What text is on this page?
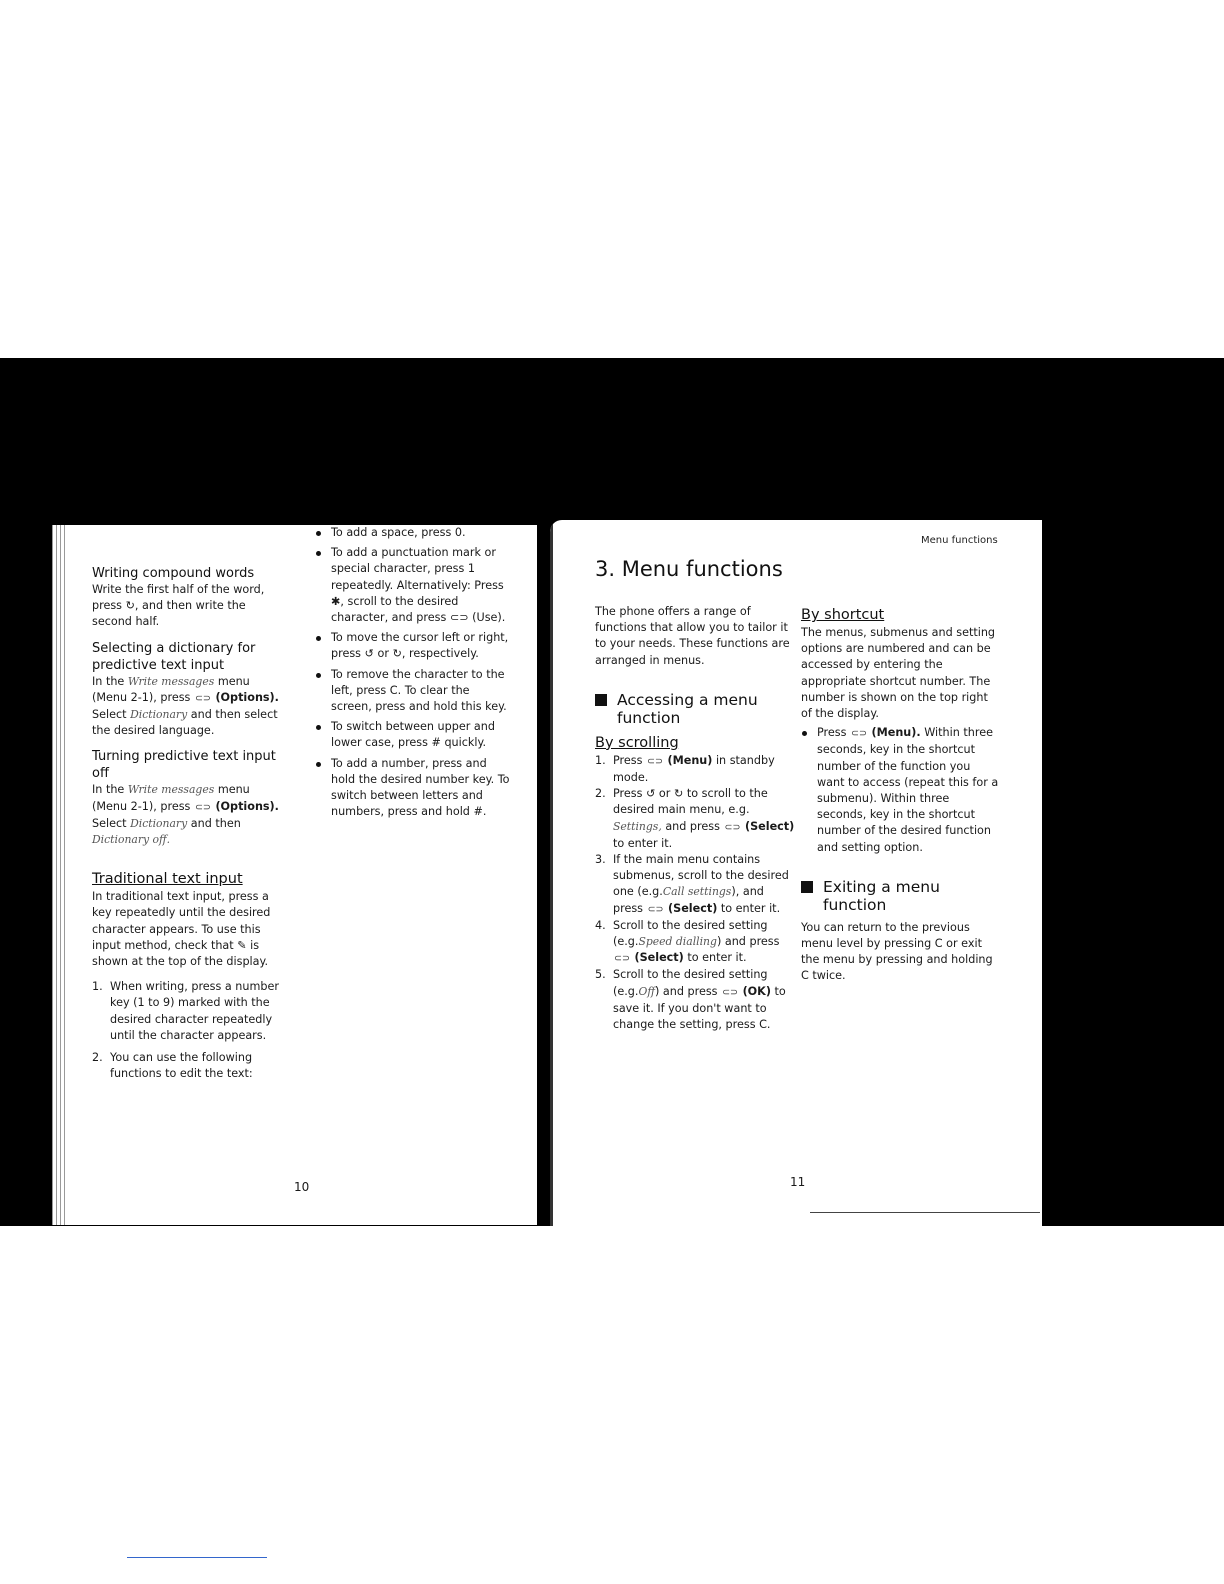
Writing compound words

Write the first half of the word, press ↻, and then write the second half.

Selecting a dictionary for predictive text input

In the Write messages menu (Menu 2-1), press ⊂⊃ (Options). Select Dictionary and then select the desired language.

Turning predictive text input off

In the Write messages menu (Menu 2-1), press ⊂⊃ (Options). Select Dictionary and then Dictionary off.

Traditional text input

In traditional text input, press a key repeatedly until the desired character appears. To use this input method, check that ✎ is shown at the top of the display.

1. When writing, press a number key (1 to 9) marked with the desired character repeatedly until the character appears.
2. You can use the following functions to edit the text:
To add a space, press 0.
To add a punctuation mark or special character, press 1 repeatedly. Alternatively: Press ✱, scroll to the desired character, and press ⊂⊃ (Use).
To move the cursor left or right, press ↺ or ↻, respectively.
To remove the character to the left, press C. To clear the screen, press and hold this key.
To switch between upper and lower case, press # quickly.
To add a number, press and hold the desired number key. To switch between letters and numbers, press and hold #.
10
Menu functions
3. Menu functions

The phone offers a range of functions that allow you to tailor it to your needs. These functions are arranged in menus.

Accessing a menu function
By scrolling
1. Press ⊂⊃ (Menu) in standby mode.
2. Press ↺ or ↻ to scroll to the desired main menu, e.g. Settings, and press ⊂⊃ (Select) to enter it.
3. If the main menu contains submenus, scroll to the desired one (e.g.Call settings), and press ⊂⊃ (Select) to enter it.
4. Scroll to the desired setting (e.g.Speed dialling) and press ⊂⊃ (Select) to enter it.
5. Scroll to the desired setting (e.g.Off) and press ⊂⊃ (OK) to save it. If you don't want to change the setting, press C.
By shortcut

The menus, submenus and setting options are numbered and can be accessed by entering the appropriate shortcut number. The number is shown on the top right of the display.

Press ⊂⊃ (Menu). Within three seconds, key in the shortcut number of the function you want to access (repeat this for a submenu). Within three seconds, key in the shortcut number of the desired function and setting option.
Exiting a menu function

You can return to the previous menu level by pressing C or exit the menu by pressing and holding C twice.

11
